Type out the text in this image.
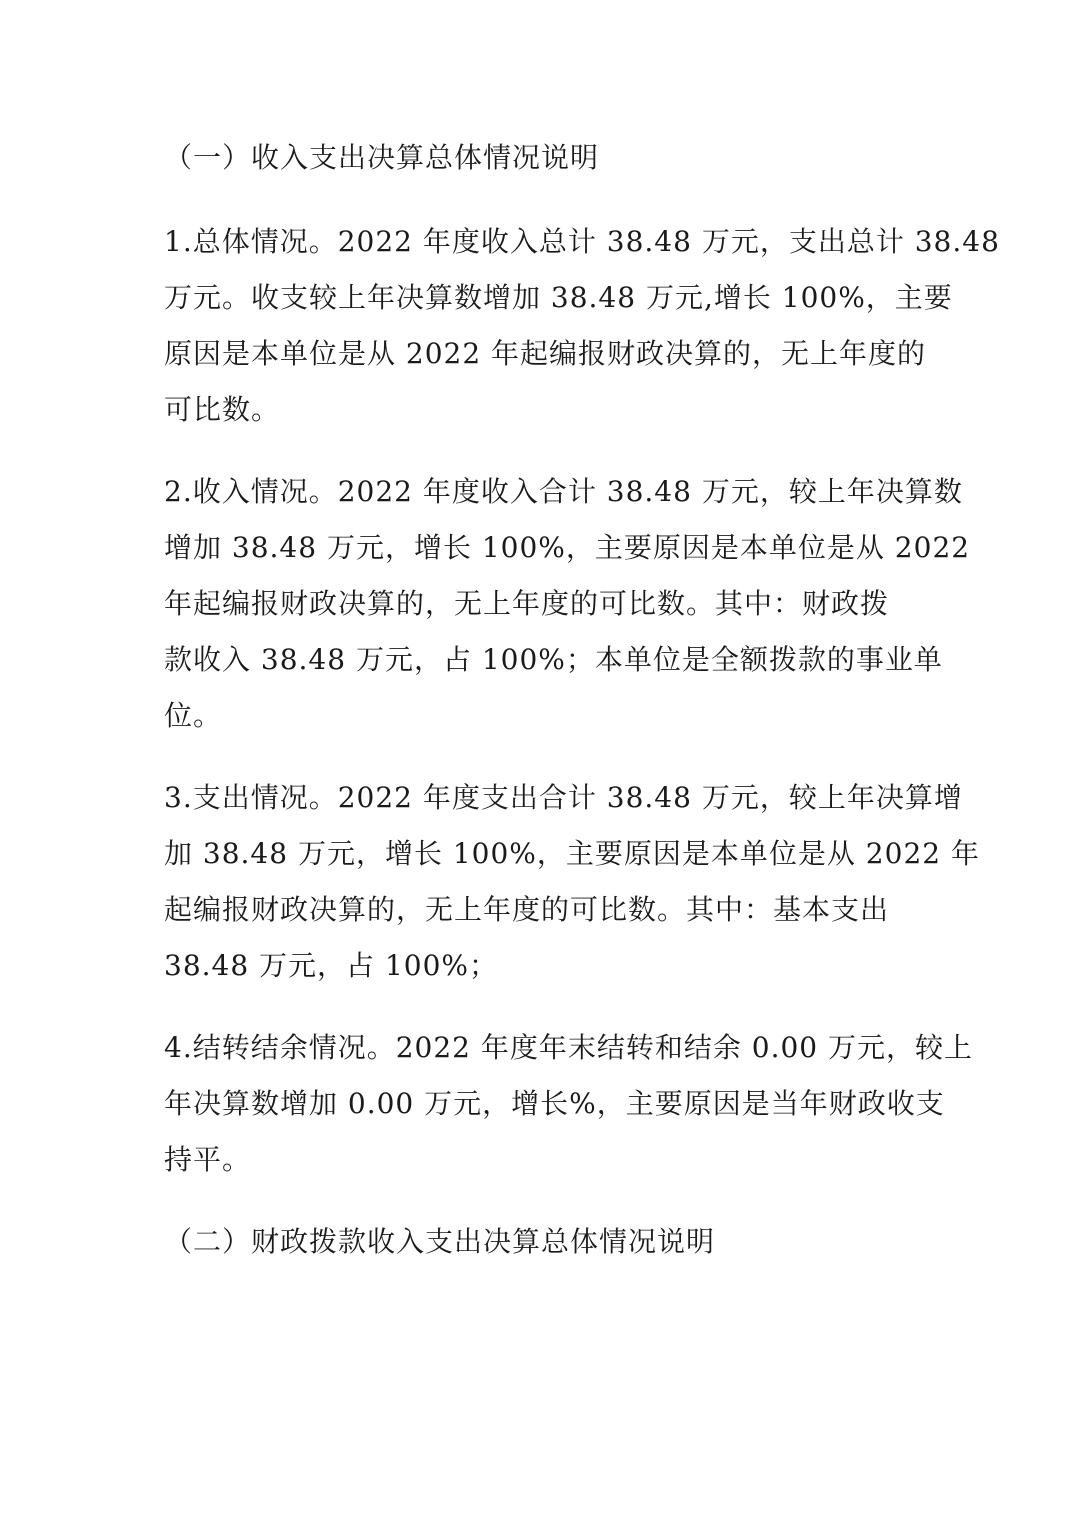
（一）收入支出决算总体情况说明

1.总体情况。2022 年度收入总计 38.48 万元，支出总计 38.48
万元。收支较上年决算数增加 38.48 万元,增长 100%，主要
原因是本单位是从 2022 年起编报财政决算的，无上年度的
可比数。

2.收入情况。2022 年度收入合计 38.48 万元，较上年决算数
增加 38.48 万元，增长 100%，主要原因是本单位是从 2022
年起编报财政决算的，无上年度的可比数。其中：财政拨
款收入 38.48 万元，占 100%；本单位是全额拨款的事业单
位。

3.支出情况。2022 年度支出合计 38.48 万元，较上年决算增
加 38.48 万元，增长 100%，主要原因是本单位是从 2022 年
起编报财政决算的，无上年度的可比数。其中：基本支出
38.48 万元，占 100%；

4.结转结余情况。2022 年度年末结转和结余 0.00 万元，较上
年决算数增加 0.00 万元，增长%，主要原因是当年财政收支
持平。

（二）财政拨款收入支出决算总体情况说明
